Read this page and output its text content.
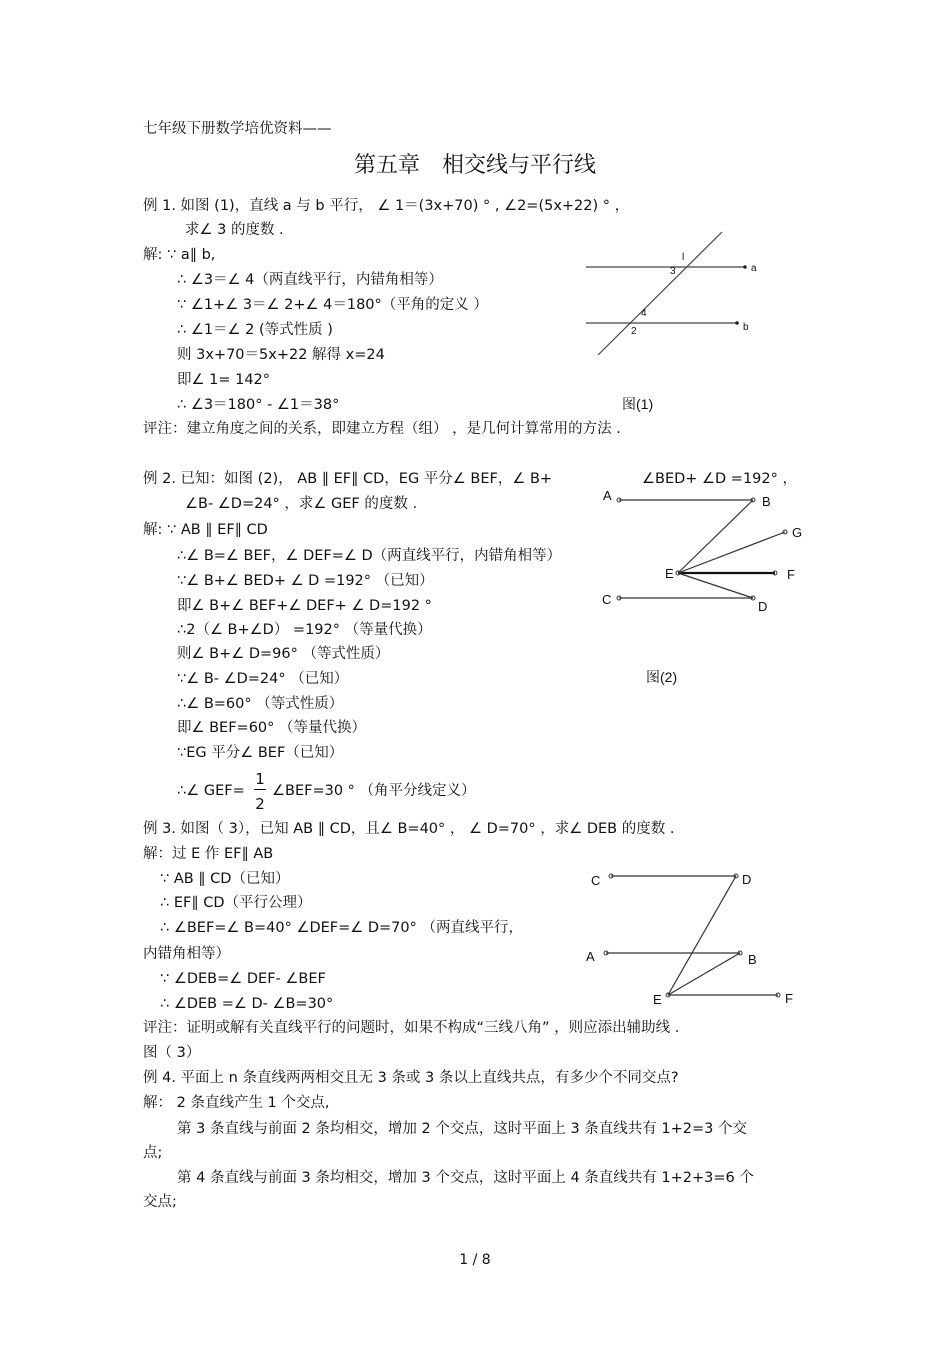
七年级下册数学培优资料——
第五章　相交线与平行线
例 1. 如图 (1)，直线 a 与 b 平行， ∠ 1＝(3x+70) ° , ∠2=(5x+22) ° ，
求∠ 3 的度数 .
解: ∵ a∥ b,
∴ ∠3＝∠ 4（两直线平行，内错角相等）
∵ ∠1+∠ 3＝∠ 2+∠ 4＝180°（平角的定义 ）
∴ ∠1＝∠ 2 (等式性质 )
则 3x+70＝5x+22 解得 x=24
即∠ 1= 142°
∴ ∠3＝180° - ∠1＝38°
评注：建立角度之间的关系，即建立方程（组） ，是几何计算常用的方法 .
例 2. 已知：如图 (2)， AB ∥ EF∥ CD，EG 平分∠ BEF，∠ B+	∠BED+ ∠D =192° ，
∠B- ∠D=24° ，求∠ GEF 的度数 .
解: ∵ AB ∥ EF∥ CD
∴∠ B=∠ BEF，∠ DEF=∠ D（两直线平行，内错角相等）
∵∠ B+∠ BED+ ∠ D =192° （已知）
即∠ B+∠ BEF+∠ DEF+ ∠ D=192 °
∴2（∠ B+∠D） =192° （等量代换）
则∠ B+∠ D=96° （等式性质）
∵∠ B- ∠D=24° （已知）
∴∠ B=60° （等式性质）
即∠ BEF=60° （等量代换）
∵EG 平分∠ BEF（已知）
例 3. 如图（ 3），已知 AB ∥ CD，且∠ B=40° ， ∠ D=70° ，求∠ DEB 的度数 .
解：过 E 作 EF∥ AB
∵ AB ∥ CD（已知）
∴ EF∥ CD（平行公理）
∴ ∠BEF=∠ B=40° ∠DEF=∠ D=70° （两直线平行，
内错角相等）
∵ ∠DEB=∠ DEF- ∠BEF
∴ ∠DEB =∠ D- ∠B=30°
评注：证明或解有关直线平行的问题时，如果不构成“三线八角” ，则应添出辅助线 .
图（ 3）
例 4. 平面上 n 条直线两两相交且无 3 条或 3 条以上直线共点，有多少个不同交点?
解： 2 条直线产生 1 个交点,
第 3 条直线与前面 2 条均相交，增加 2 个交点，这时平面上 3 条直线共有 1+2=3 个交
点;
第 4 条直线与前面 3 条均相交，增加 3 个交点，这时平面上 4 条直线共有 1+2+3=6 个
交点;
∴∠ GEF=
1
2
∠BEF=30 ° （角平分线定义）
l
a
b
3
4
2
图(1)
A	B
G
E	F
C	D
图(2)
C	D
A	B
E	F
1 / 8
